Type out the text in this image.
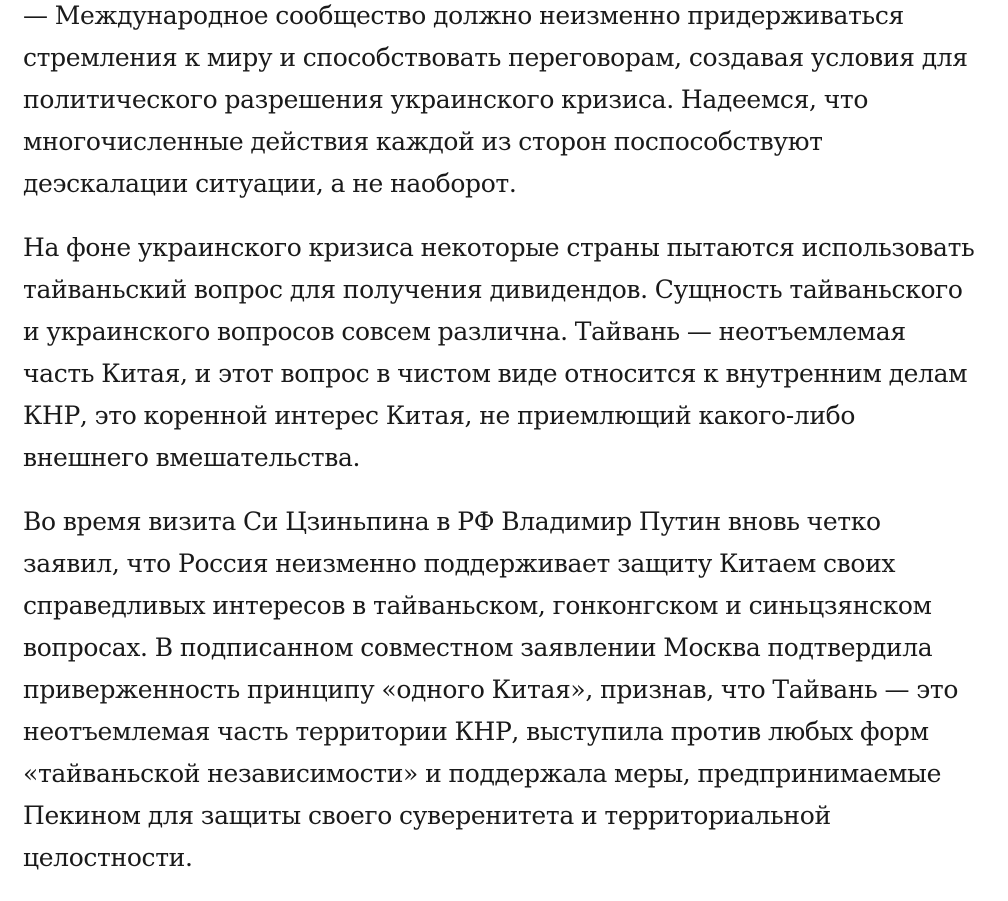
— Международное сообщество должно неизменно придерживаться стремления к миру и способствовать переговорам, создавая условия для политического разрешения украинского кризиса. Надеемся, что многочисленные действия каждой из сторон поспособствуют деэскалации ситуации, а не наоборот.

На фоне украинского кризиса некоторые страны пытаются использовать тайваньский вопрос для получения дивидендов. Сущность тайваньского и украинского вопросов совсем различна. Тайвань — неотъемлемая часть Китая, и этот вопрос в чистом виде относится к внутренним делам КНР, это коренной интерес Китая, не приемлющий какого-либо внешнего вмешательства.

Во время визита Си Цзиньпина в РФ Владимир Путин вновь четко заявил, что Россия неизменно поддерживает защиту Китаем своих справедливых интересов в тайваньском, гонконгском и синьцзянском вопросах. В подписанном совместном заявлении Москва подтвердила приверженность принципу «одного Китая», признав, что Тайвань — это неотъемлемая часть территории КНР, выступила против любых форм «тайваньской независимости» и поддержала меры, предпринимаемые Пекином для защиты своего суверенитета и территориальной целостности.
